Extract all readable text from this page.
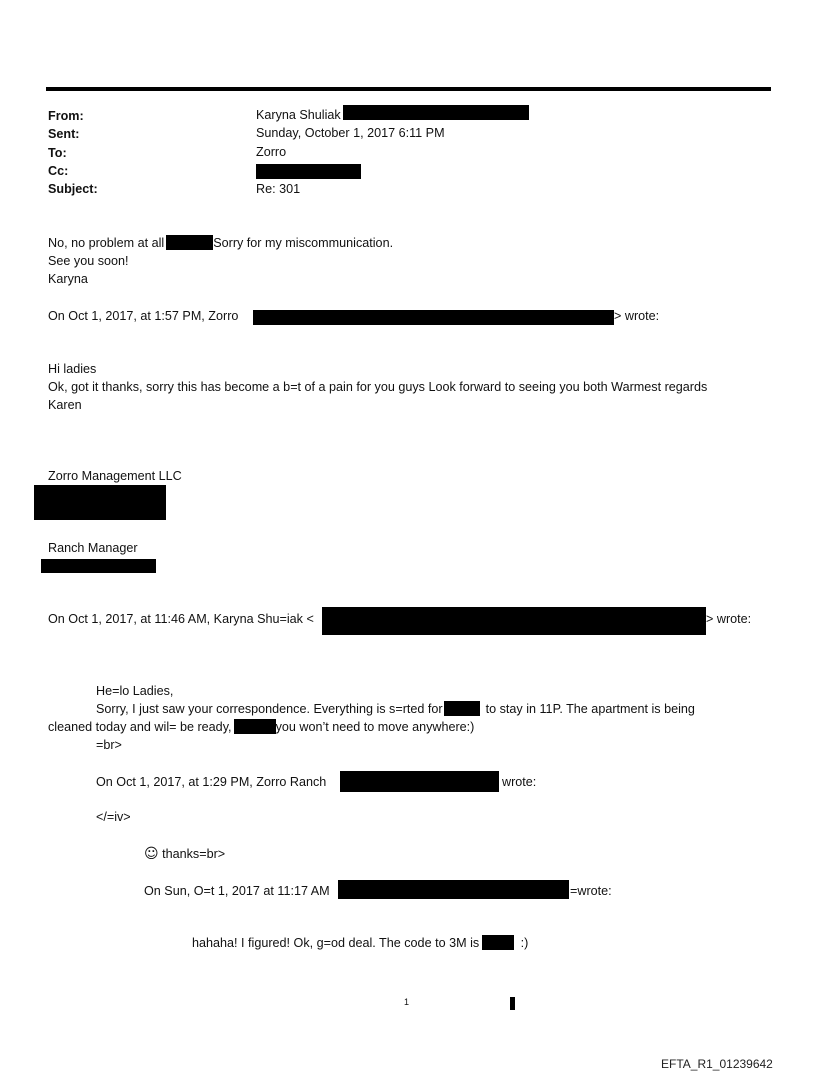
From:	Karyna Shuliak
Sent:	Sunday, October 1, 2017 6:11 PM
To:	Zorro
Cc:
Subject:	Re: 301
No, no problem at all	Sorry for my miscommunication.
See you soon!
Karyna
On Oct 1, 2017, at 1:57 PM, Zorro	> wrote:
Hi ladies
Ok, got it thanks, sorry this has become a b=t of a pain for you guys Look forward to seeing you both Warmest regards
Karen
Zorro Management LLC
Ranch Manager
On Oct 1, 2017, at 11:46 AM, Karyna Shu=iak <	> wrote:
He=lo Ladies,
Sorry, I just saw your correspondence. Everything is s=rted for	to stay in 11P. The apartment is being
cleaned today and wil= be ready,	you won’t need to move anywhere:)
=br>
On Oct 1, 2017, at 1:29 PM, Zorro Ranch	wrote:
</=iv>
☺ thanks=br>
On Sun, O=t 1, 2017 at 11:17 AM	=wrote:
hahaha! I figured! Ok, g=od deal. The code to 3M is	:)
1
EFTA_R1_01239642
